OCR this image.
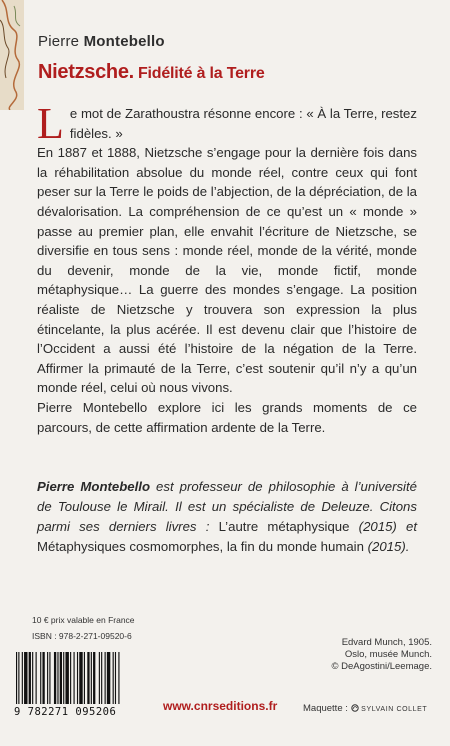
Pierre Montebello
Nietzsche. Fidélité à la Terre

Le mot de Zarathoustra résonne encore : « À la Terre, restez fidèles. »

En 1887 et 1888, Nietzsche s’engage pour la dernière fois dans la réhabilitation absolue du monde réel, contre ceux qui font peser sur la Terre le poids de l’abjection, de la dépréciation, de la dévalorisation. La compréhension de ce qu’est un « monde » passe au premier plan, elle envahit l’écriture de Nietzsche, se diversifie en tous sens : monde réel, monde de la vérité, monde du devenir, monde de la vie, monde fictif, monde métaphysique… La guerre des mondes s’engage. La position réaliste de Nietzsche y trouvera son expression la plus étincelante, la plus acérée. Il est devenu clair que l’histoire de l’Occident a aussi été l’histoire de la négation de la Terre. Affirmer la primauté de la Terre, c’est soutenir qu’il n’y a qu’un monde réel, celui où nous vivons.

Pierre Montebello explore ici les grands moments de ce parcours, de cette affirmation ardente de la Terre.

Pierre Montebello est professeur de philosophie à l’université de Toulouse le Mirail. Il est un spécialiste de Deleuze. Citons parmi ses derniers livres : L’autre métaphysique (2015) et Métaphysiques cosmomorphes, la fin du monde humain (2015).
10 € prix valable en France
ISBN : 978-2-271-09520-6
9 782271 095206	www.cnrseditions.fr
Edvard Munch, 1905.
Oslo, musée Munch.
© DeAgostini/Leemage.
Maquette : SYLVAIN COLLET
